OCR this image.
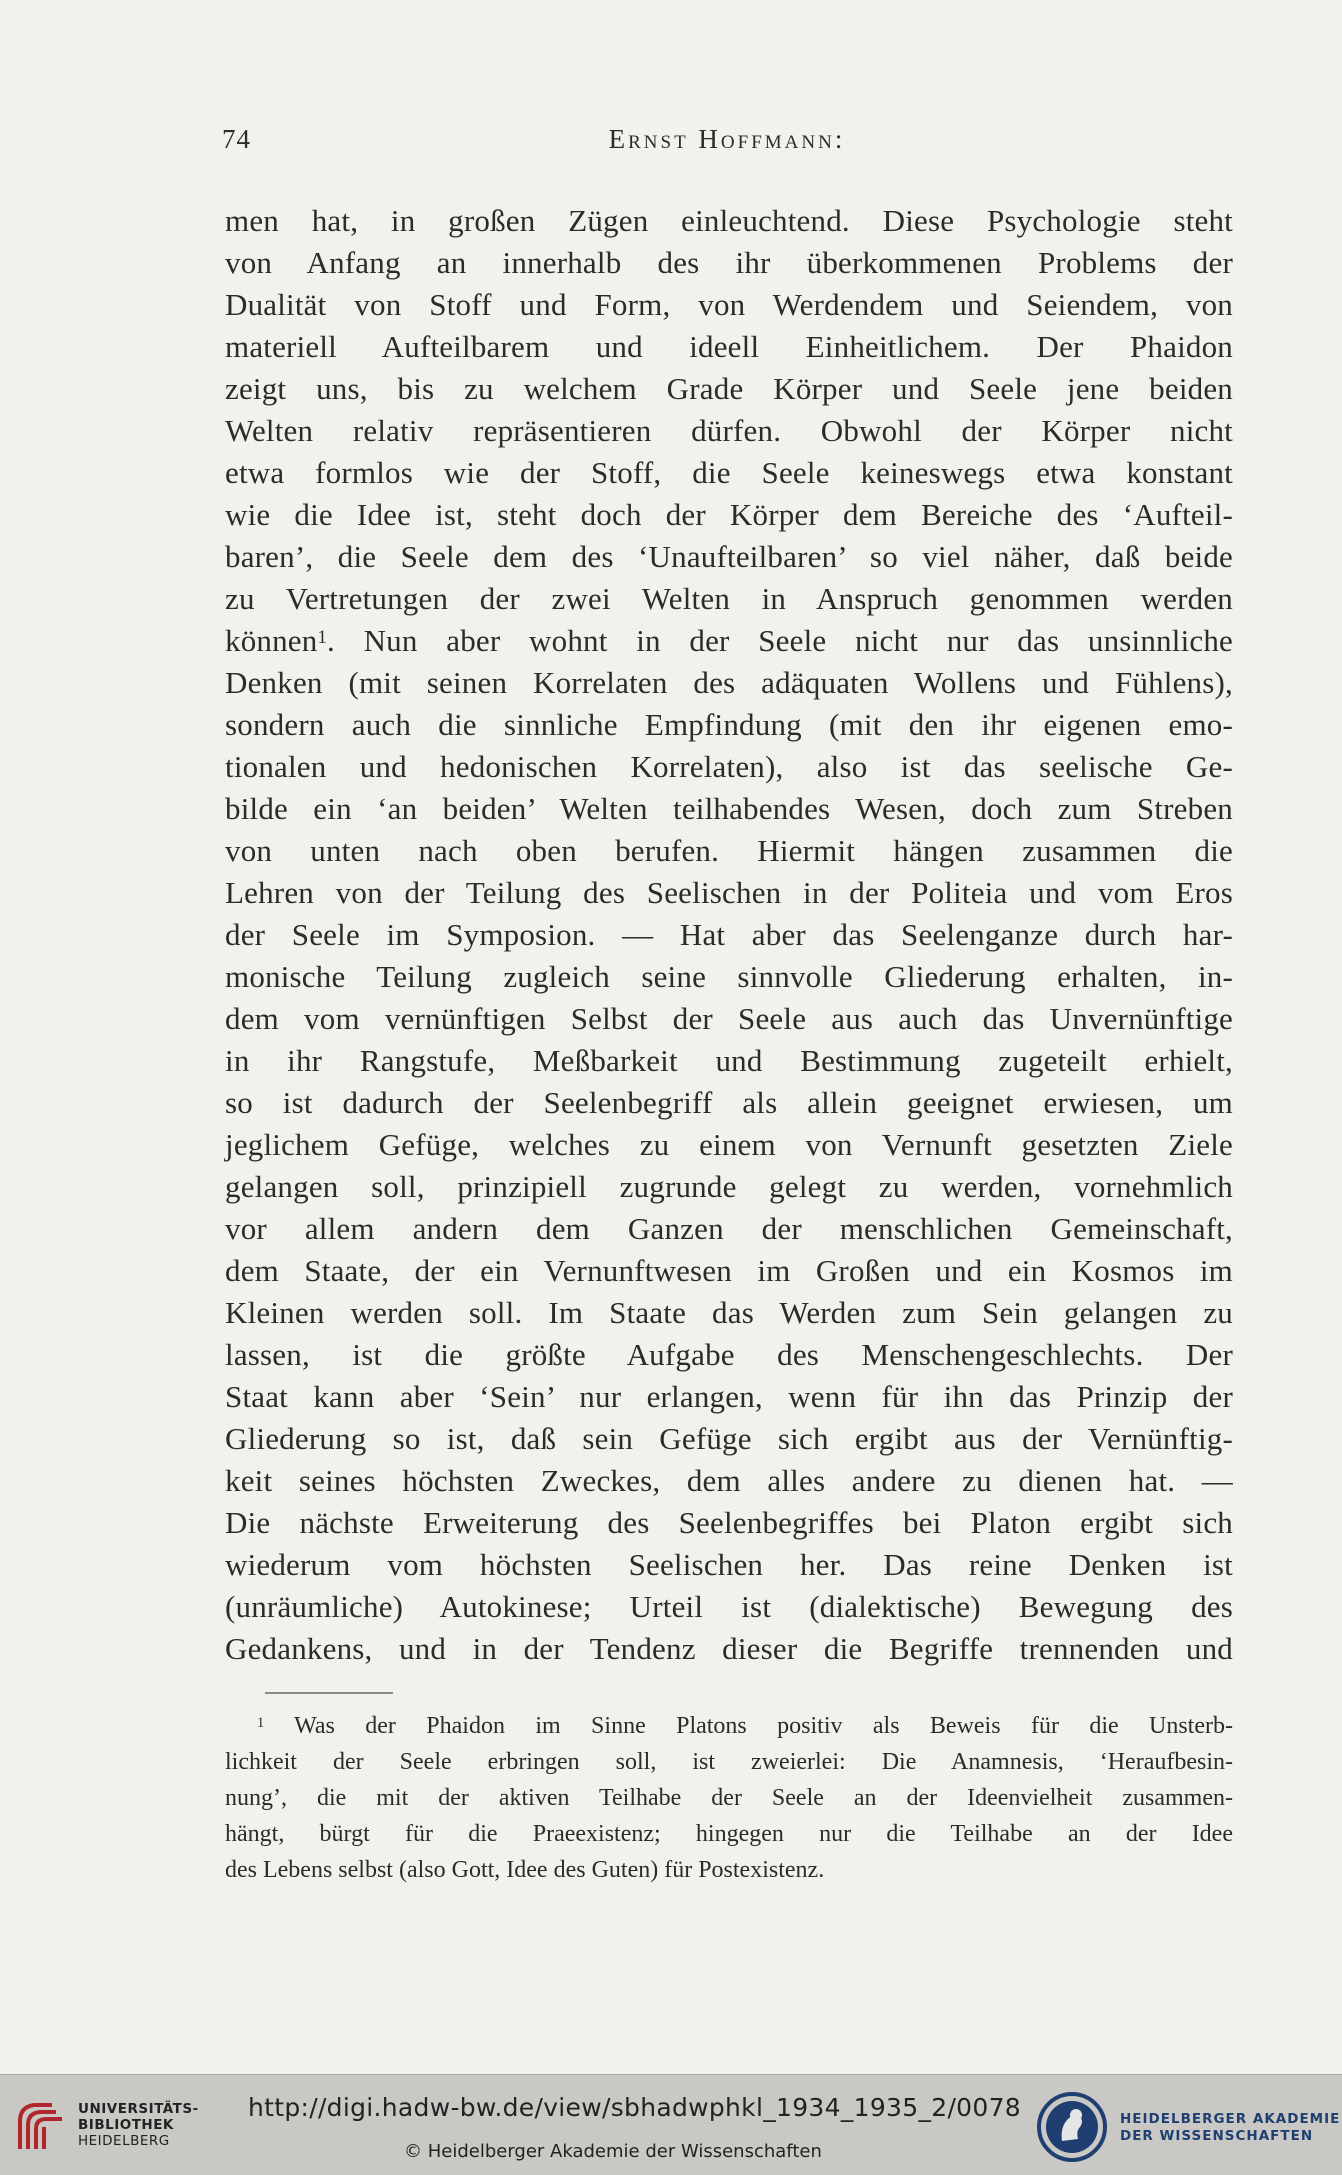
74	Ernst Hoffmann:
men hat, in großen Zügen einleuchtend. Diese Psychologie steht
von Anfang an innerhalb des ihr überkommenen Problems der
Dualität von Stoff und Form, von Werdendem und Seiendem, von
materiell Aufteilbarem und ideell Einheitlichem. Der Phaidon
zeigt uns, bis zu welchem Grade Körper und Seele jene beiden
Welten relativ repräsentieren dürfen. Obwohl der Körper nicht
etwa formlos wie der Stoff, die Seele keineswegs etwa konstant
wie die Idee ist, steht doch der Körper dem Bereiche des ‘Aufteil-
baren’, die Seele dem des ‘Unaufteilbaren’ so viel näher, daß beide
zu Vertretungen der zwei Welten in Anspruch genommen werden
können$^1$. Nun aber wohnt in der Seele nicht nur das unsinnliche
Denken (mit seinen Korrelaten des adäquaten Wollens und Fühlens),
sondern auch die sinnliche Empfindung (mit den ihr eigenen emo-
tionalen und hedonischen Korrelaten), also ist das seelische Ge-
bilde ein ‘an beiden’ Welten teilhabendes Wesen, doch zum Streben
von unten nach oben berufen. Hiermit hängen zusammen die
Lehren von der Teilung des Seelischen in der Politeia und vom Eros
der Seele im Symposion. — Hat aber das Seelenganze durch har-
monische Teilung zugleich seine sinnvolle Gliederung erhalten, in-
dem vom vernünftigen Selbst der Seele aus auch das Unvernünftige
in ihr Rangstufe, Meßbarkeit und Bestimmung zugeteilt erhielt,
so ist dadurch der Seelenbegriff als allein geeignet erwiesen, um
jeglichem Gefüge, welches zu einem von Vernunft gesetzten Ziele
gelangen soll, prinzipiell zugrunde gelegt zu werden, vornehmlich
vor allem andern dem Ganzen der menschlichen Gemeinschaft,
dem Staate, der ein Vernunftwesen im Großen und ein Kosmos im
Kleinen werden soll. Im Staate das Werden zum Sein gelangen zu
lassen, ist die größte Aufgabe des Menschengeschlechts. Der
Staat kann aber ‘Sein’ nur erlangen, wenn für ihn das Prinzip der
Gliederung so ist, daß sein Gefüge sich ergibt aus der Vernünftig-
keit seines höchsten Zweckes, dem alles andere zu dienen hat. —
Die nächste Erweiterung des Seelenbegriffes bei Platon ergibt sich
wiederum vom höchsten Seelischen her. Das reine Denken ist
(unräumliche) Autokinese; Urteil ist (dialektische) Bewegung des
Gedankens, und in der Tendenz dieser die Begriffe trennenden und
$^1$ Was der Phaidon im Sinne Platons positiv als Beweis für die Unsterb-
lichkeit der Seele erbringen soll, ist zweierlei: Die Anamnesis, ‘Heraufbesin-
nung’, die mit der aktiven Teilhabe der Seele an der Ideenvielheit zusammen-
hängt, bürgt für die Praeexistenz; hingegen nur die Teilhabe an der Idee
des Lebens selbst (also Gott, Idee des Guten) für Postexistenz.
UNIVERSITÄTS-
BIBLIOTHEK
HEIDELBERG
http://digi.hadw-bw.de/view/sbhadwphkl_1934_1935_2/0078
© Heidelberger Akademie der Wissenschaften
HEIDELBERGER AKADEMIE
DER WISSENSCHAFTEN
